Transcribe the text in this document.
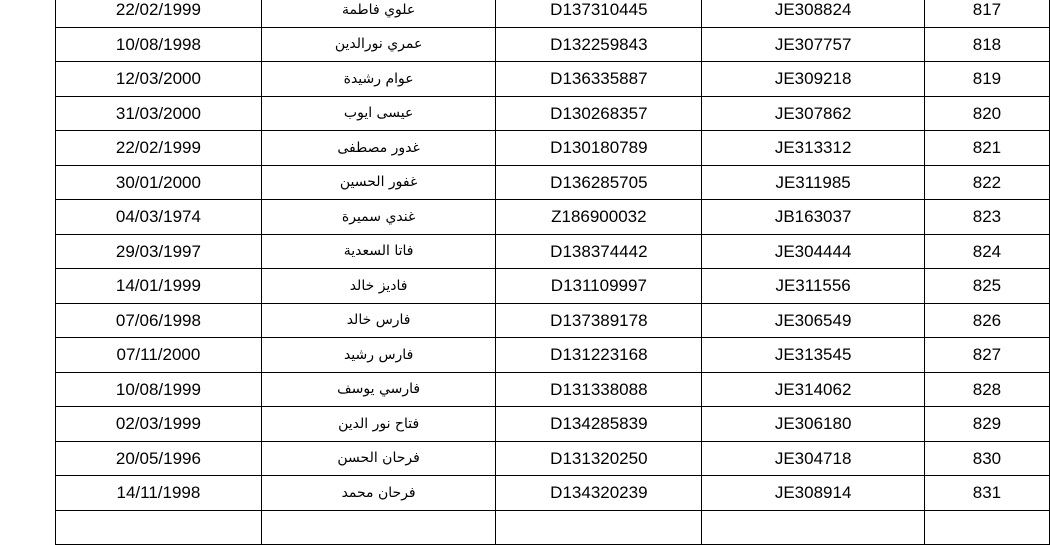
22/02/1999	علوي فاطمة	D137310445	JE308824	817
10/08/1998	عمري نورالدين	D132259843	JE307757	818
12/03/2000	عوام رشيدة	D136335887	JE309218	819
31/03/2000	عيسى ايوب	D130268357	JE307862	820
22/02/1999	غدور مصطفى	D130180789	JE313312	821
30/01/2000	غفور الحسين	D136285705	JE311985	822
04/03/1974	غندي سميرة	Z186900032	JB163037	823
29/03/1997	فاتا السعدية	D138374442	JE304444	824
14/01/1999	فاديز خالد	D131109997	JE311556	825
07/06/1998	فارس خالد	D137389178	JE306549	826
07/11/2000	فارس رشيد	D131223168	JE313545	827
10/08/1999	فارسي يوسف	D131338088	JE314062	828
02/03/1999	فتاح نور الدين	D134285839	JE306180	829
20/05/1996	فرحان الحسن	D131320250	JE304718	830
14/11/1998	فرحان محمد	D134320239	JE308914	831
